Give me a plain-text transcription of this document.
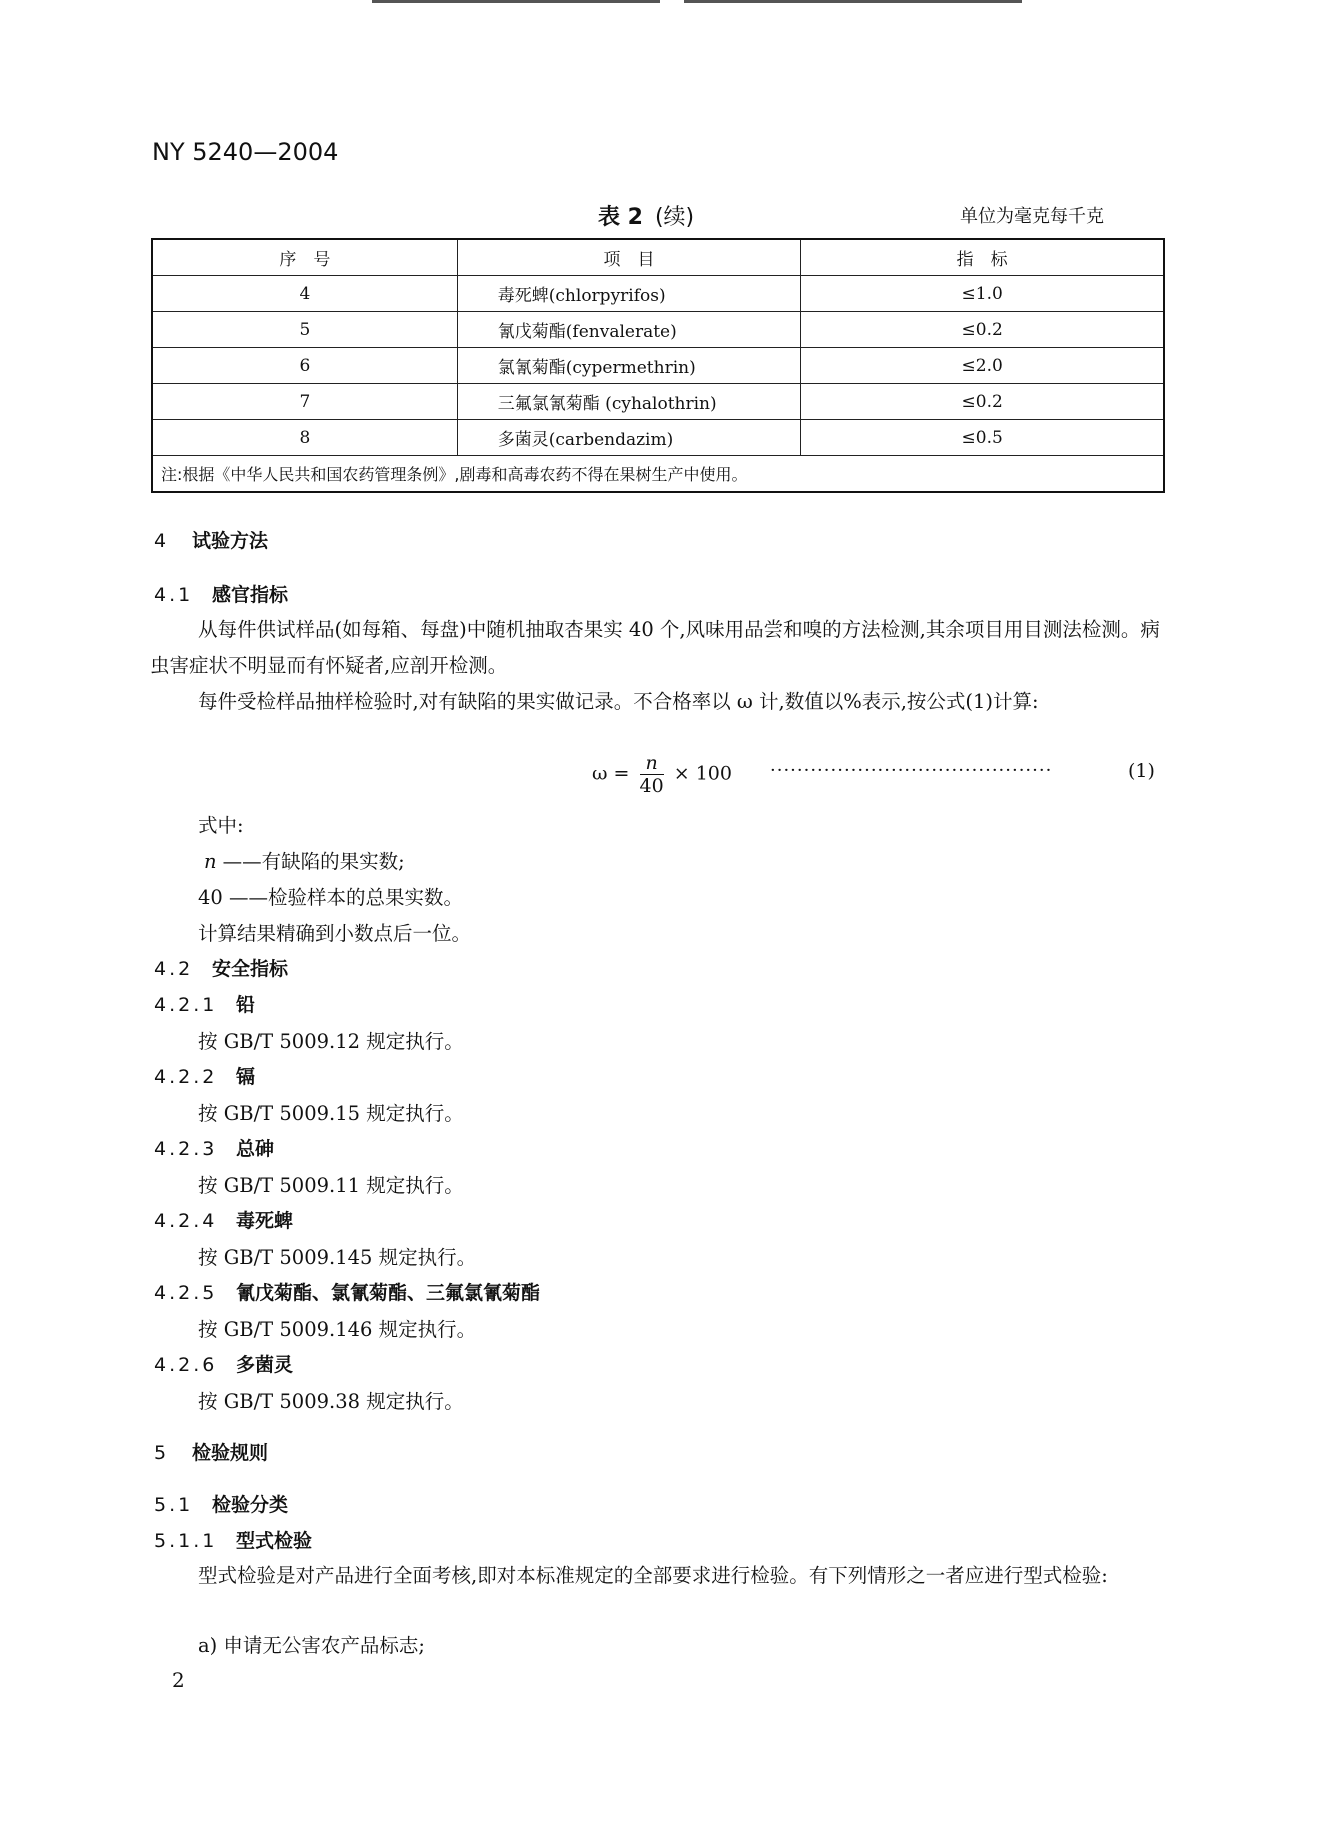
NY 5240—2004
表 2 (续)	单位为毫克每千克
序　号	项　目	指　标
4	毒死蜱(chlorpyrifos)	≤1.0
5	氰戊菊酯(fenvalerate)	≤0.2
6	氯氰菊酯(cypermethrin)	≤2.0
7	三氟氯氰菊酯 (cyhalothrin)	≤0.2
8	多菌灵(carbendazim)	≤0.5
注:根据《中华人民共和国农药管理条例》,剧毒和高毒农药不得在果树生产中使用。		
4 试验方法
4.1 感官指标
从每件供试样品(如每箱、每盘)中随机抽取杏果实 40 个,风味用品尝和嗅的方法检测,其余项目用目测法检测。病虫害症状不明显而有怀疑者,应剖开检测。
每件受检样品抽样检验时,对有缺陷的果实做记录。不合格率以 ω 计,数值以%表示,按公式(1)计算:
$\omega = \frac{n}{40} \times 100$ ··········································	(1)
式中:
n ——有缺陷的果实数;
40 ——检验样本的总果实数。
计算结果精确到小数点后一位。
4.2 安全指标
4.2.1 铅
按 GB/T 5009.12 规定执行。
4.2.2 镉
按 GB/T 5009.15 规定执行。
4.2.3 总砷
按 GB/T 5009.11 规定执行。
4.2.4 毒死蜱
按 GB/T 5009.145 规定执行。
4.2.5 氰戊菊酯、氯氰菊酯、三氟氯氰菊酯
按 GB/T 5009.146 规定执行。
4.2.6 多菌灵
按 GB/T 5009.38 规定执行。
5 检验规则
5.1 检验分类
5.1.1 型式检验
型式检验是对产品进行全面考核,即对本标准规定的全部要求进行检验。有下列情形之一者应进行型式检验:
a) 申请无公害农产品标志;
2
